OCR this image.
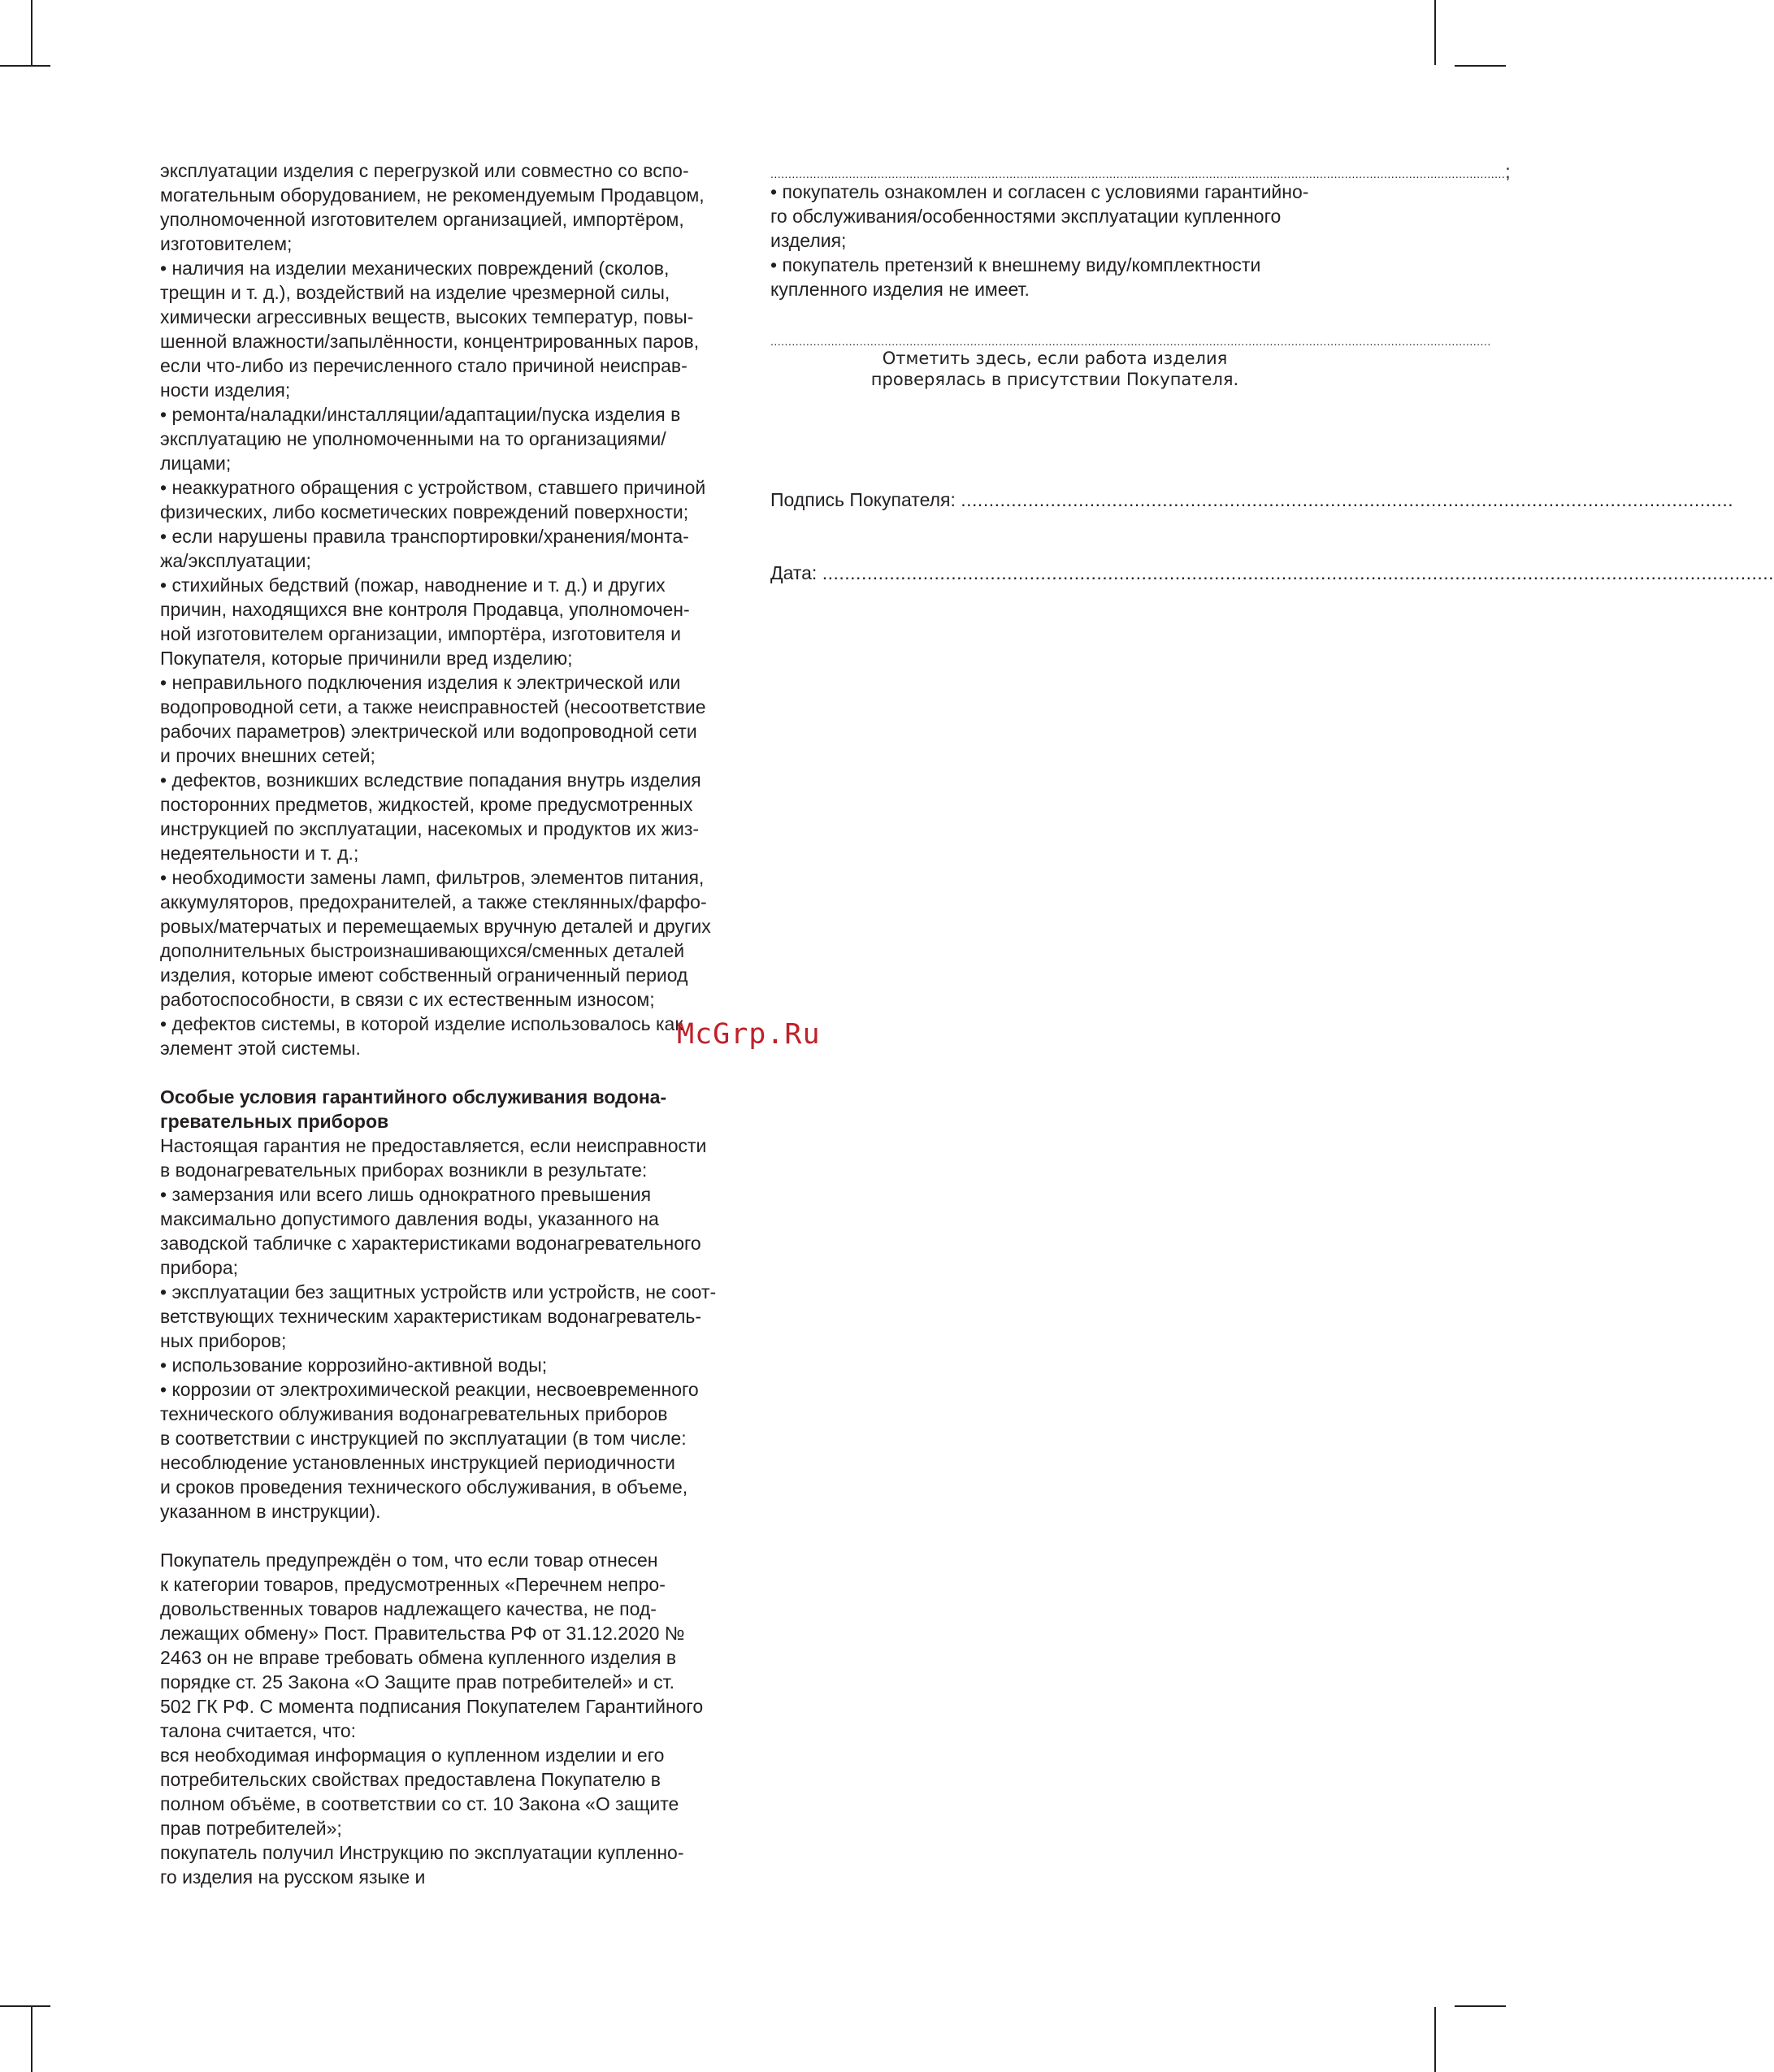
эксплуатации изделия с перегрузкой или совместно со вспо-
могательным оборудованием, не рекомендуемым Продавцом,
уполномоченной изготовителем организацией, импортёром,
изготовителем;
• наличия на изделии механических повреждений (сколов,
трещин и т. д.), воздействий на изделие чрезмерной силы,
химически агрессивных веществ, высоких температур, повы-
шенной влажности/запылённости, концентрированных паров,
если что-либо из перечисленного стало причиной неисправ-
ности изделия;
• ремонта/наладки/инсталляции/адаптации/пуска изделия в
эксплуатацию не уполномоченными на то организациями/
лицами;
• неаккуратного обращения с устройством, ставшего причиной
физических, либо косметических повреждений поверхности;
• если нарушены правила транспортировки/хранения/монта-
жа/эксплуатации;
• стихийных бедствий (пожар, наводнение и т. д.) и других
причин, находящихся вне контроля Продавца, уполномочен-
ной изготовителем организации, импортёра, изготовителя и
Покупателя, которые причинили вред изделию;
• неправильного подключения изделия к электрической или
водопроводной сети, а также неисправностей (несоответствие
рабочих параметров) электрической или водопроводной сети
и прочих внешних сетей;
• дефектов, возникших вследствие попадания внутрь изделия
посторонних предметов, жидкостей, кроме предусмотренных
инструкцией по эксплуатации, насекомых и продуктов их жиз-
недеятельности и т. д.;
• необходимости замены ламп, фильтров, элементов питания,
аккумуляторов, предохранителей, а также стеклянных/фарфо-
ровых/матерчатых и перемещаемых вручную деталей и других
дополнительных быстроизнашивающихся/сменных деталей
изделия, которые имеют собственный ограниченный период
работоспособности, в связи с их естественным износом;
• дефектов системы, в которой изделие использовалось как
элемент этой системы.
Особые условия гарантийного обслуживания водона-
гревательных приборов
Настоящая гарантия не предоставляется, если неисправности
в водонагревательных приборах возникли в результате:
• замерзания или всего лишь однократного превышения
максимально допустимого давления воды, указанного на
заводской табличке с характеристиками водонагревательного
прибора;
• эксплуатации без защитных устройств или устройств, не соот-
ветствующих техническим характеристикам водонагреватель-
ных приборов;
• использование коррозийно-активной воды;
• коррозии от электрохимической реакции, несвоевременного
технического облуживания водонагревательных приборов
в соответствии с инструкцией по эксплуатации (в том числе:
несоблюдение установленных инструкцией периодичности
и сроков проведения технического обслуживания, в объеме,
указанном в инструкции).
Покупатель предупреждён о том, что если товар отнесен
к категории товаров, предусмотренных «Перечнем непро-
довольственных товаров надлежащего качества, не под-
лежащих обмену» Пост. Правительства РФ от 31.12.2020 №
2463 он не вправе требовать обмена купленного изделия в
порядке ст. 25 Закона «О Защите прав потребителей» и ст.
502 ГК РФ. С момента подписания Покупателем Гарантийного
талона считается, что:
вся необходимая информация о купленном изделии и его
потребительских свойствах предоставлена Покупателю в
полном объёме, в соответствии со ст. 10 Закона «О защите
прав потребителей»;
покупатель получил Инструкцию по эксплуатации купленно-
го изделия на русском языке и
..............................................................................................................................................................................................................;
• покупатель ознакомлен и согласен с условиями гарантийно-
го обслуживания/особенностями эксплуатации купленного
изделия;
• покупатель претензий к внешнему виду/комплектности
купленного изделия не имеет.
..........................................................................................................................................................................................................
Отметить здесь, если работа изделия
проверялась в присутствии Покупателя.
Подпись Покупателя: ..........................................................................................................................................
Дата: ..........................................................................................................................................................................
McGrp.Ru
